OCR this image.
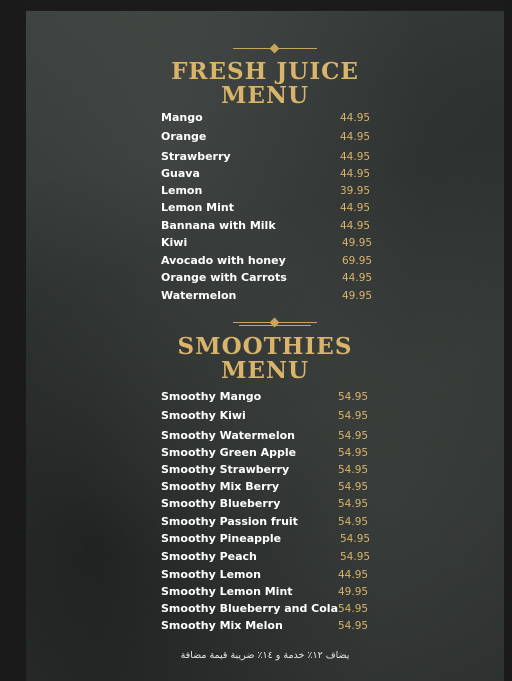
FRESH JUICE
MENU
Mango	44.95
Orange	44.95
Strawberry	44.95
Guava	44.95
Lemon	39.95
Lemon Mint	44.95
Bannana with Milk	44.95
Kiwi	49.95
Avocado with honey	69.95
Orange with Carrots	44.95
Watermelon	49.95
SMOOTHIES
MENU
Smoothy Mango	54.95
Smoothy Kiwi	54.95
Smoothy Watermelon	54.95
Smoothy Green Apple	54.95
Smoothy Strawberry	54.95
Smoothy Mix Berry	54.95
Smoothy Blueberry	54.95
Smoothy Passion fruit	54.95
Smoothy Pineapple	54.95
Smoothy Peach	54.95
Smoothy Lemon	44.95
Smoothy Lemon Mint	49.95
Smoothy Blueberry and Cola 54.95
Smoothy Mix Melon	54.95
يضاف ١٢٪ خدمة و ١٤٪ ضريبة قيمة مضافة
